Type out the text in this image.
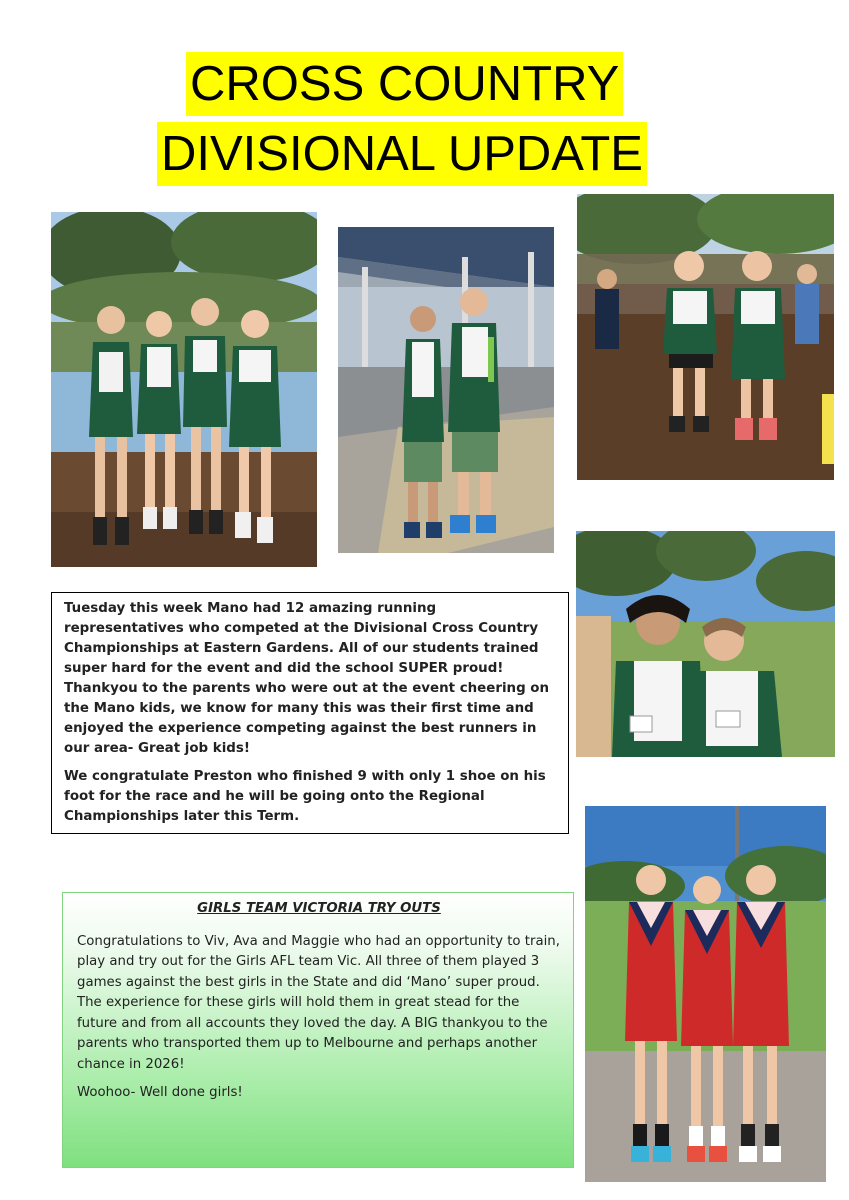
CROSS COUNTRY
DIVISIONAL UPDATE

Tuesday this week Mano had 12 amazing running representatives who competed at the Divisional Cross Country Championships at Eastern Gardens. All of our students trained super hard for the event and did the school SUPER proud! Thankyou to the parents who were out at the event cheering on the Mano kids, we know for many this was their first time and enjoyed the experience competing against the best runners in our area- Great job kids!

We congratulate Preston who finished 9 with only 1 shoe on his foot for the race and he will be going onto the Regional Championships later this Term.

GIRLS TEAM VICTORIA TRY OUTS

Congratulations to Viv, Ava and Maggie who had an opportunity to train, play and try out for the Girls AFL team Vic. All three of them played 3 games against the best girls in the State and did ‘Mano’ super proud. The experience for these girls will hold them in great stead for the future and from all accounts they loved the day. A BIG thankyou to the parents who transported them up to Melbourne and perhaps another chance in 2026!

Woohoo- Well done girls!
